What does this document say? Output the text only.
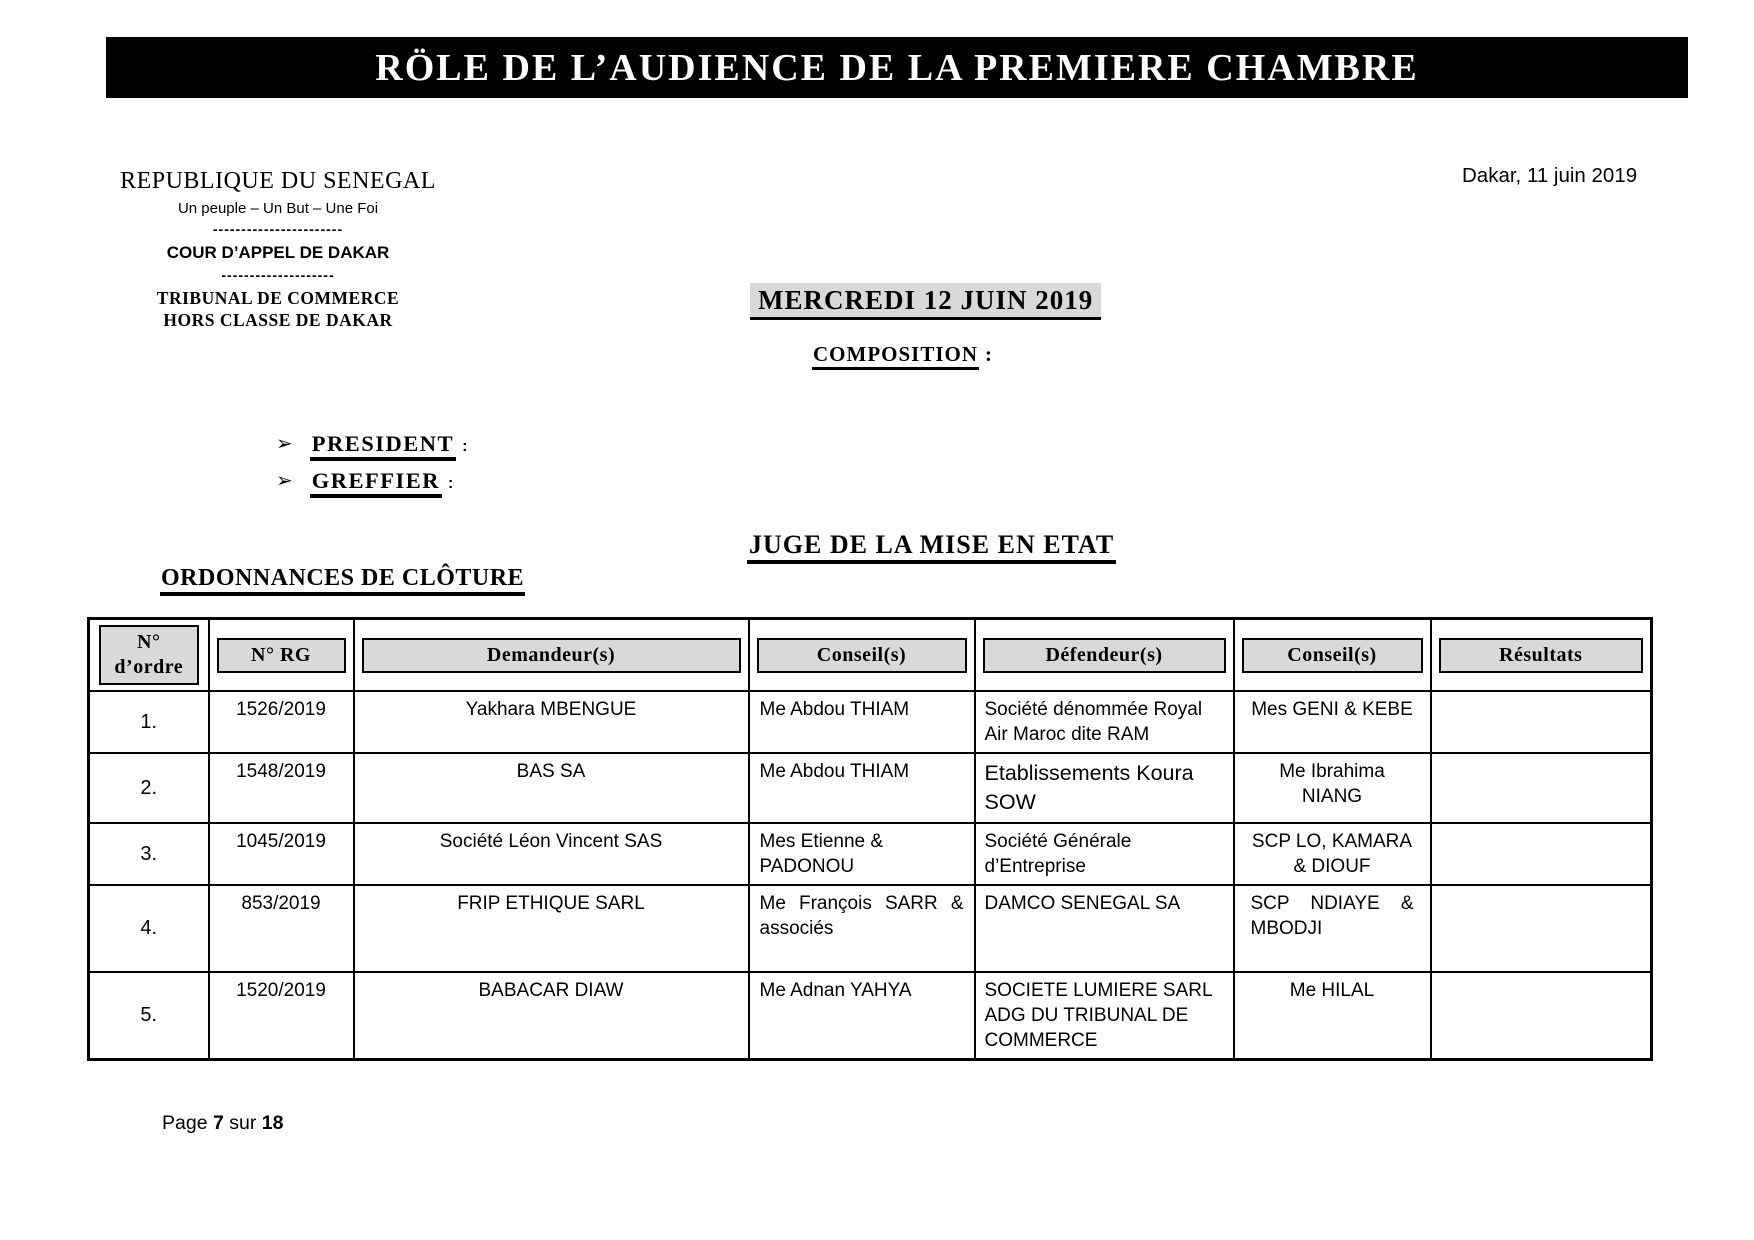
RÖLE DE L’AUDIENCE DE LA PREMIERE CHAMBRE
REPUBLIQUE DU SENEGAL
Un peuple – Un But – Une Foi
-----------------------
COUR D’APPEL DE DAKAR
--------------------
TRIBUNAL DE COMMERCE
HORS CLASSE DE DAKAR
Dakar, 11 juin 2019
MERCREDI 12 JUIN 2019
COMPOSITION :
➢ PRESIDENT :
➢ GREFFIER :
JUGE DE LA MISE EN ETAT
ORDONNANCES DE CLÔTURE
N° d’ordre	N° RG	Demandeur(s)	Conseil(s)	Défendeur(s)	Conseil(s)	Résultats

1.	1526/2019	Yakhara MBENGUE	Me Abdou THIAM	Société dénommée Royal Air Maroc dite RAM	Mes GENI & KEBE	
2.	1548/2019	BAS SA	Me Abdou THIAM	Etablissements Koura SOW	Me Ibrahima NIANG	
3.	1045/2019	Société Léon Vincent SAS	Mes Etienne & PADONOU	Société Générale d’Entreprise	SCP LO, KAMARA & DIOUF	
4.	853/2019	FRIP ETHIQUE SARL	Me François SARR & associés	DAMCO SENEGAL SA	SCP NDIAYE & MBODJI	
5.	1520/2019	BABACAR DIAW	Me Adnan YAHYA	SOCIETE LUMIERE SARL ADG DU TRIBUNAL DE COMMERCE	Me HILAL	
Page 7 sur 18
